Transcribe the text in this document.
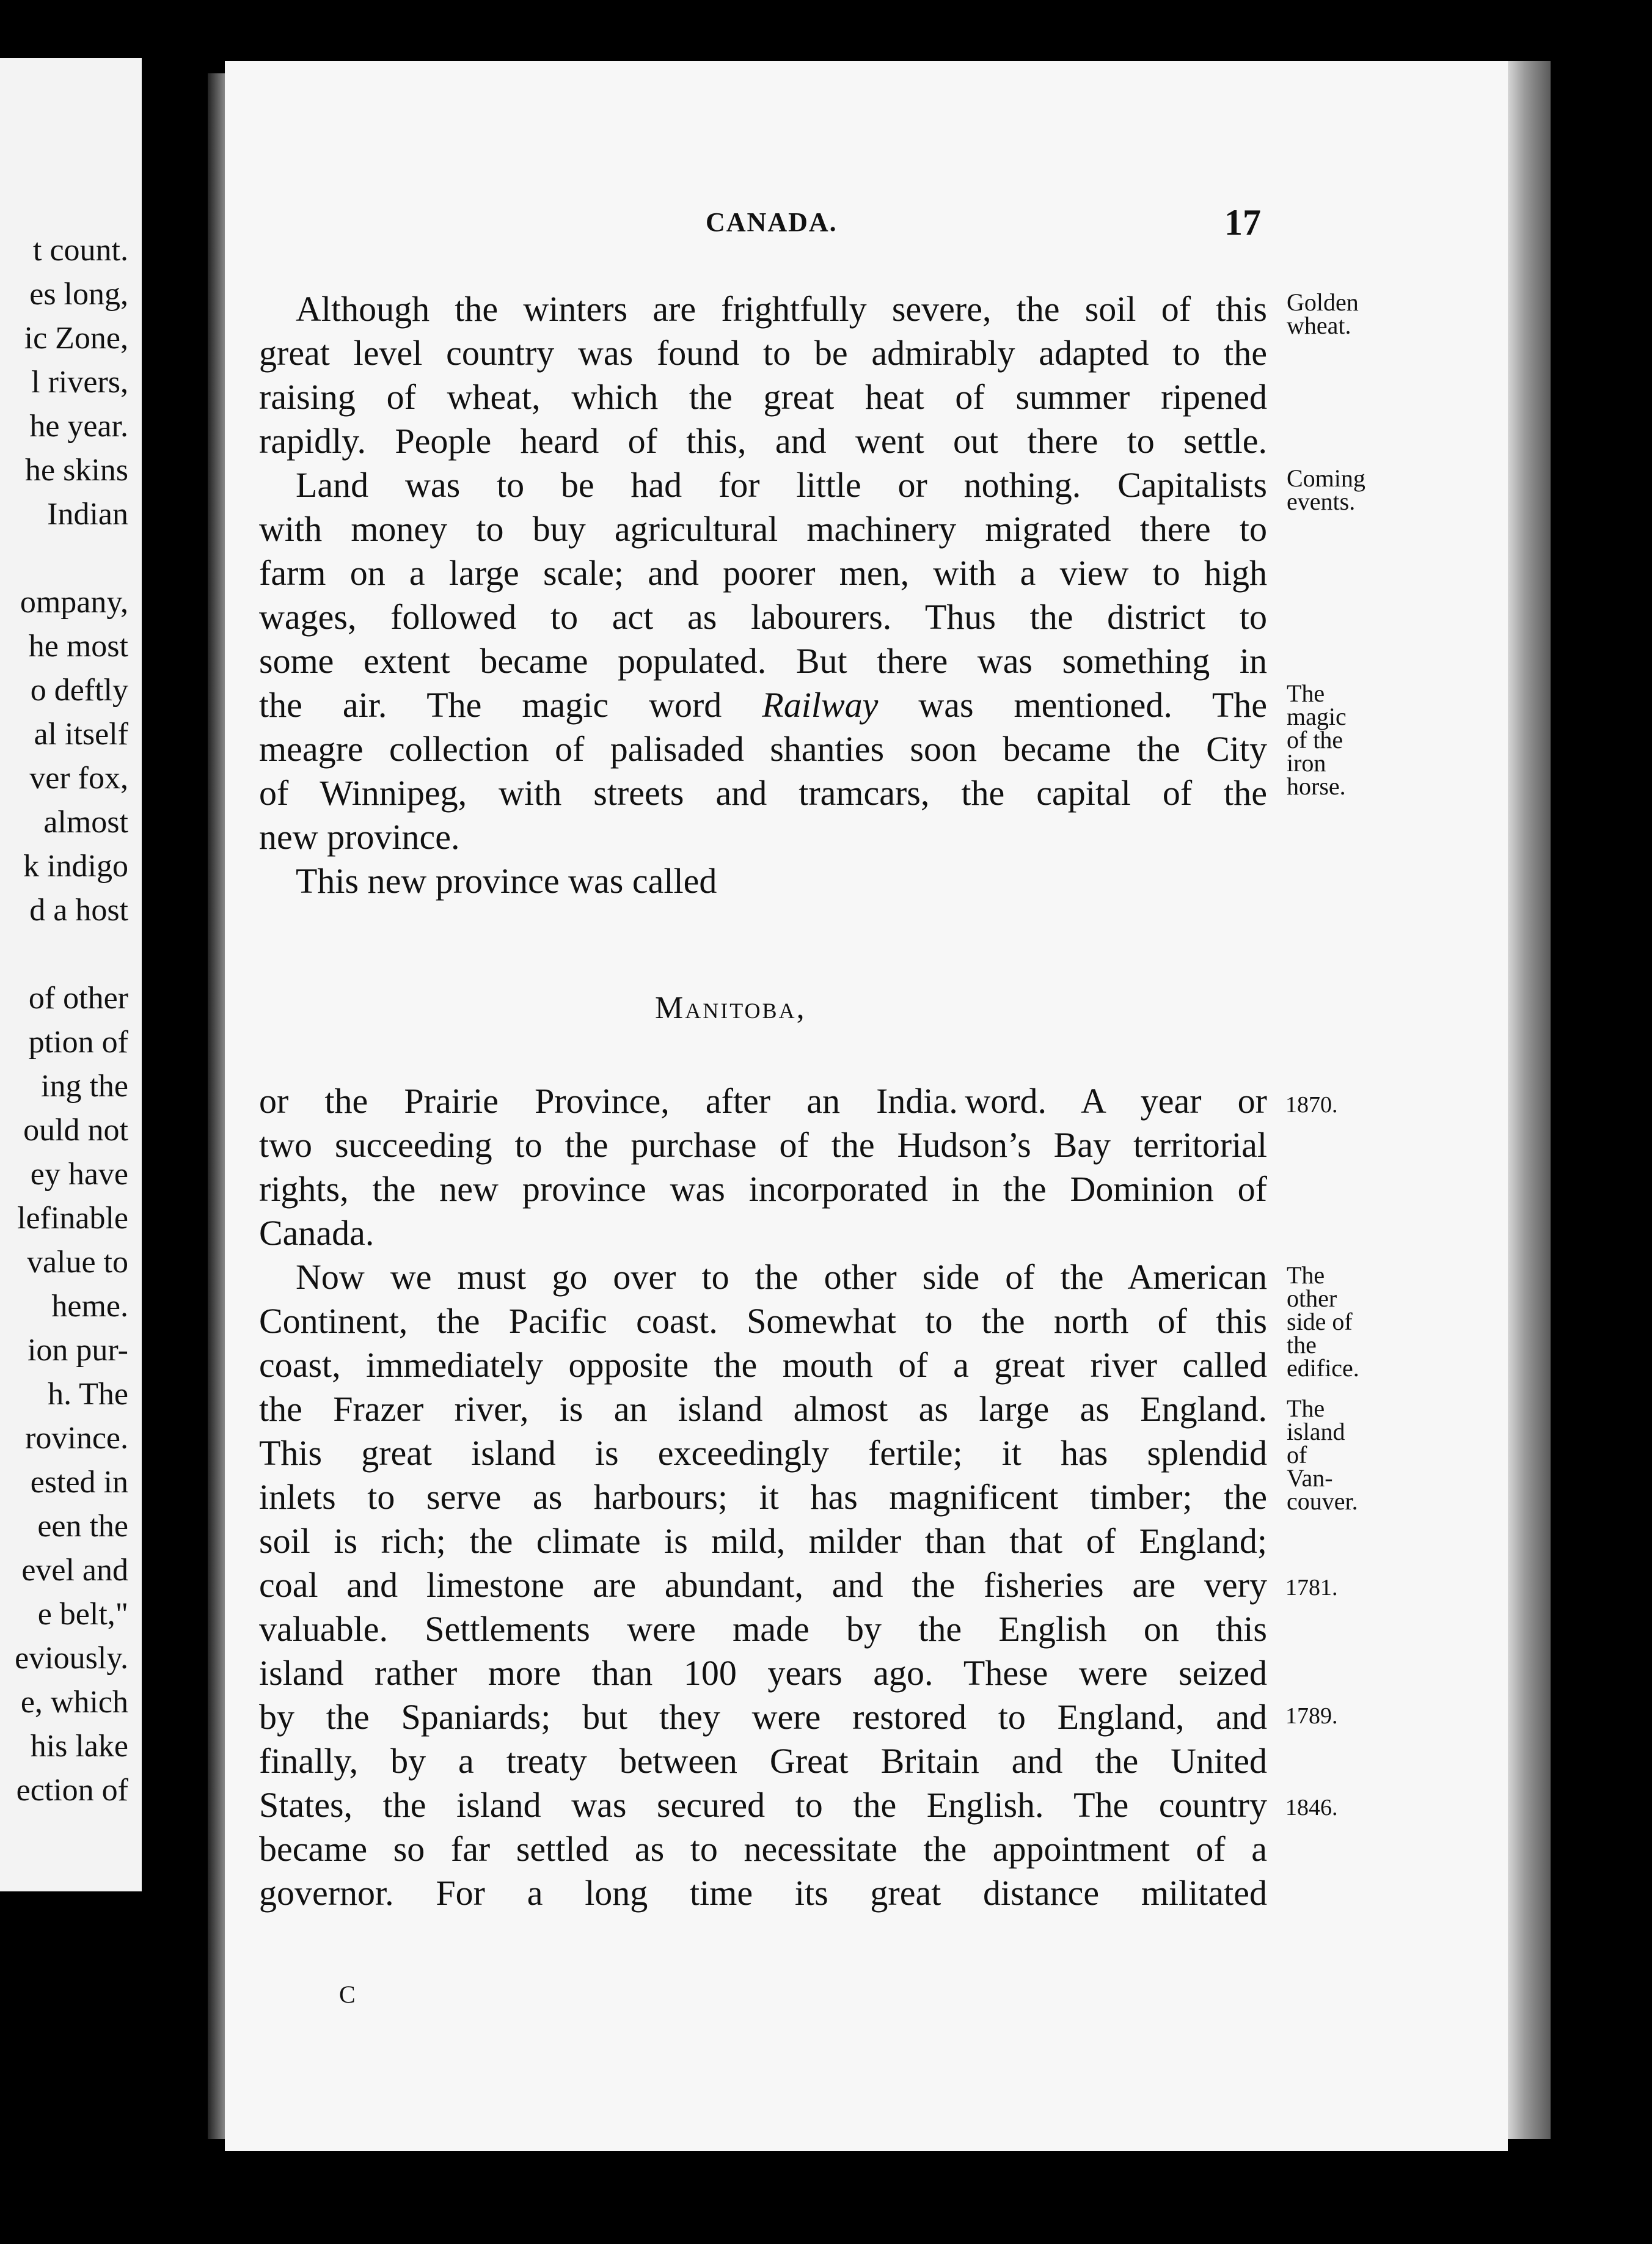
t count.
es long,
ic Zone,
l rivers,
he year.
he skins
Indian
ompany,
he most
o deftly
al itself
ver fox,
almost
k indigo
d a host
of other
ption of
ing the
ould not
ey have
lefinable
value to
heme.
ion pur-
h. The
rovince.
ested in
een the
evel and
e belt,"
eviously.
e, which
his lake
ection of
CANADA.	17
Although the winters are frightfully severe, the soil of this
great level country was found to be admirably adapted to the
raising of wheat, which the great heat of summer ripened
rapidly. People heard of this, and went out there to settle.
Land was to be had for little or nothing. Capitalists
with money to buy agricultural machinery migrated there to
farm on a large scale; and poorer men, with a view to high
wages, followed to act as labourers. Thus the district to
some extent became populated. But there was something in
the air. The magic word Railway was mentioned. The
meagre collection of palisaded shanties soon became the City
of Winnipeg, with streets and tramcars, the capital of the
new province.
This new province was called
Manitoba,
or the Prairie Province, after an India. word. A year or
two succeeding to the purchase of the Hudson’s Bay territorial
rights, the new province was incorporated in the Dominion of
Canada.
Now we must go over to the other side of the American
Continent, the Pacific coast. Somewhat to the north of this
coast, immediately opposite the mouth of a great river called
the Frazer river, is an island almost as large as England.
This great island is exceedingly fertile; it has splendid
inlets to serve as harbours; it has magnificent timber; the
soil is rich; the climate is mild, milder than that of England;
coal and limestone are abundant, and the fisheries are very
valuable. Settlements were made by the English on this
island rather more than 100 years ago. These were seized
by the Spaniards; but they were restored to England, and
finally, by a treaty between Great Britain and the United
States, the island was secured to the English. The country
became so far settled as to necessitate the appointment of a
governor. For a long time its great distance militated
Golden
wheat.
Coming
events.
The
magic
of the
iron
horse.
The
other
side of
the
edifice.
The
island
of
Van-
couver.
1870.
1781.
1789.
1846.
C
